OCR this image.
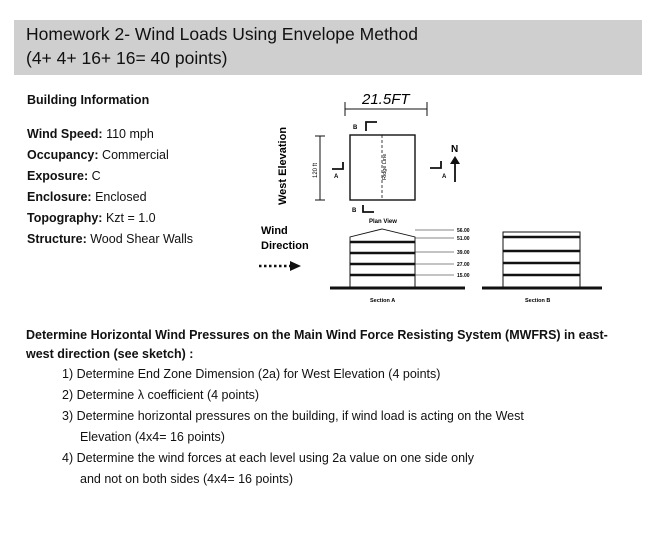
Homework 2- Wind Loads Using Envelope Method
(4+ 4+ 16+ 16= 40 points)
Building Information
Wind Speed: 110 mph
Occupancy: Commercial
Exposure: C
Enclosure: Enclosed
Topography: Kzt = 1.0
Structure: Wood Shear Walls
21.5FT
B
West Elevation	120 ft	A	Ridge Line	A
N
B
Plan View
Wind
Direction
56.00
51.00
39.00
27.00
15.00
Section A	Section B
Determine Horizontal Wind Pressures on the Main Wind Force Resisting System (MWFRS) in east-west direction (see sketch) :
1) Determine End Zone Dimension (2a) for West Elevation (4 points)
2) Determine λ coefficient (4 points)
3) Determine horizontal pressures on the building, if wind load is acting on the West
Elevation (4x4= 16 points)
4) Determine the wind forces at each level using 2a value on one side only
and not on both sides (4x4= 16 points)
